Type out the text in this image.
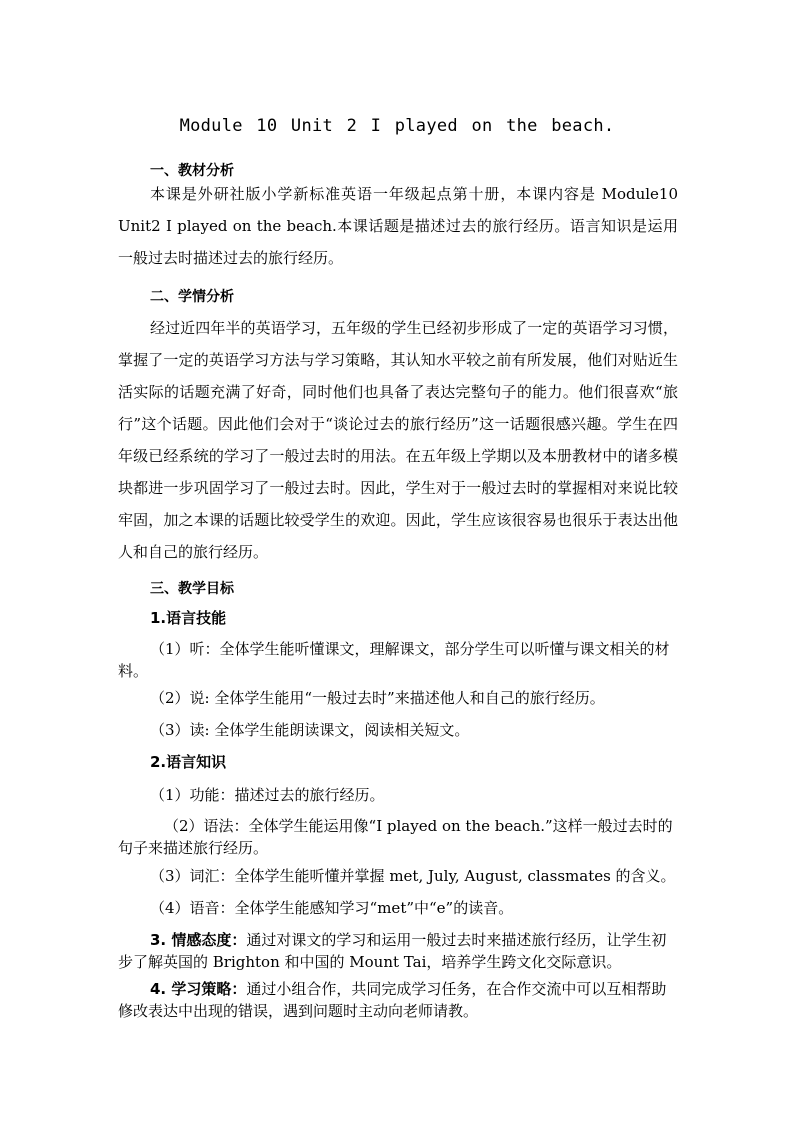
Module 10 Unit 2 I played on the beach.
一、教材分析
本课是外研社版小学新标准英语一年级起点第十册，本课内容是 Module10 Unit2 I played on the beach.本课话题是描述过去的旅行经历。语言知识是运用一般过去时描述过去的旅行经历。
二、学情分析
经过近四年半的英语学习，五年级的学生已经初步形成了一定的英语学习习惯，掌握了一定的英语学习方法与学习策略，其认知水平较之前有所发展，他们对贴近生活实际的话题充满了好奇，同时他们也具备了表达完整句子的能力。他们很喜欢“旅行”这个话题。因此他们会对于“谈论过去的旅行经历”这一话题很感兴趣。学生在四年级已经系统的学习了一般过去时的用法。在五年级上学期以及本册教材中的诸多模块都进一步巩固学习了一般过去时。因此，学生对于一般过去时的掌握相对来说比较牢固，加之本课的话题比较受学生的欢迎。因此，学生应该很容易也很乐于表达出他人和自己的旅行经历。
三、教学目标
1.语言技能
（1）听：全体学生能听懂课文，理解课文，部分学生可以听懂与课文相关的材料。
（2）说: 全体学生能用“一般过去时”来描述他人和自己的旅行经历。
（3）读: 全体学生能朗读课文，阅读相关短文。
2.语言知识
（1）功能：描述过去的旅行经历。
（2）语法：全体学生能运用像“I played on the beach.”这样一般过去时的句子来描述旅行经历。
（3）词汇：全体学生能听懂并掌握 met, July, August, classmates 的含义。
（4）语音：全体学生能感知学习“met”中“e”的读音。
3. 情感态度：通过对课文的学习和运用一般过去时来描述旅行经历，让学生初步了解英国的 Brighton 和中国的 Mount Tai，培养学生跨文化交际意识。
4. 学习策略：通过小组合作，共同完成学习任务，在合作交流中可以互相帮助修改表达中出现的错误，遇到问题时主动向老师请教。
